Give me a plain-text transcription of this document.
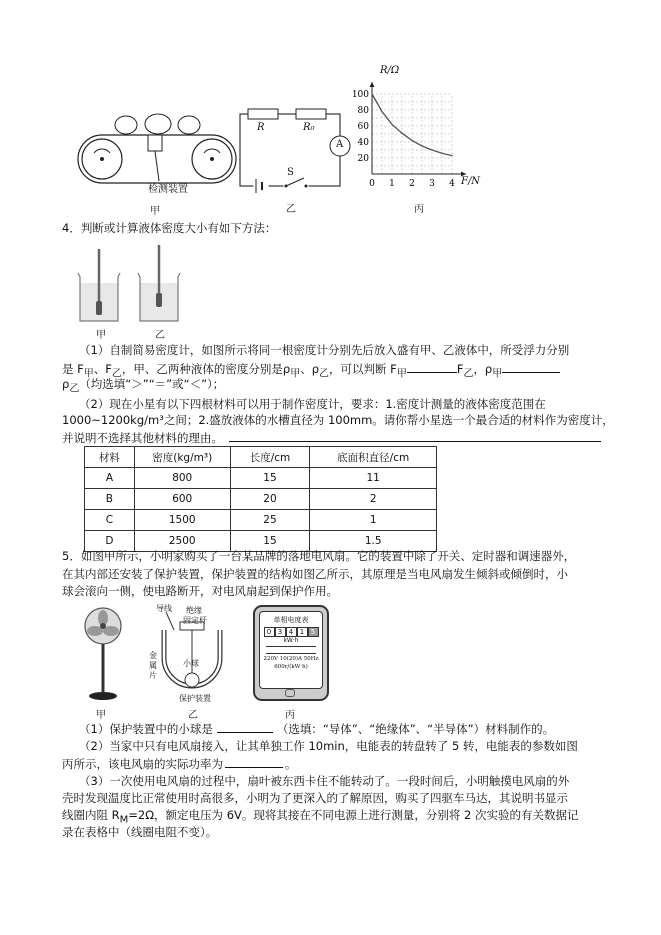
检测装置
甲
R	R₀
A
S
乙
0 1 2 3 4
20
40
60
80
100
R/Ω
F/N
丙
4．判断或计算液体密度大小有如下方法：
甲	乙
（1）自制简易密度计，如图所示将同一根密度计分别先后放入盛有甲、乙液体中，所受浮力分别
是 $F_甲$、$F_乙$，甲、乙两种液体的密度分别是$\rho_甲$、$\rho_乙$，可以判断 $F_甲$	$F_乙$，$\rho_甲$
$\rho_乙$（均选填“＞”“＝”或“＜”）；
（2）现在小星有以下四根材料可以用于制作密度计，要求：1.密度计测量的液体密度范围在
1000~1200kg/m³之间；2.盛放液体的水槽直径为 100mm。请你帮小星选一个最合适的材料作为密度计，
并说明不选择其他材料的理由。
材料	密度(kg/m³)	长度/cm	底面积直径/cm
A	800	15	11
B	600	20	2
C	1500	25	1
D	2500	15	1.5
5．如图甲所示，小明家购买了一台某品牌的落地电风扇。它的装置中除了开关、定时器和调速器外，
在其内部还安装了保护装置，保护装置的结构如图乙所示，其原理是当电风扇发生倾斜或倾倒时，小
球会滚向一侧，使电路断开，对电风扇起到保护作用。
甲
导线 绝缘
固定杆
金
属
片
小球
保护装置
乙
单相电度表
0 3 4 1 5
kW·h
220V 10(20)A 50Hz
600r/(kW·h)
丙
（1）保护装置中的小球是	（选填：“导体”、“绝缘体”、“半导体”）材料制作的。
（2）当家中只有电风扇接入，让其单独工作 10min，电能表的转盘转了 5 转，电能表的参数如图
丙所示，该电风扇的实际功率为	。
（3）一次使用电风扇的过程中，扇叶被东西卡住不能转动了。一段时间后，小明触摸电风扇的外
壳时发现温度比正常使用时高很多，小明为了更深入的了解原因，购买了四驱车马达，其说明书显示
线圈内阻 $R_M=2\Omega$，额定电压为 6V。现将其接在不同电源上进行测量，分别将 2 次实验的有关数据记
录在表格中（线圈电阻不变）。
